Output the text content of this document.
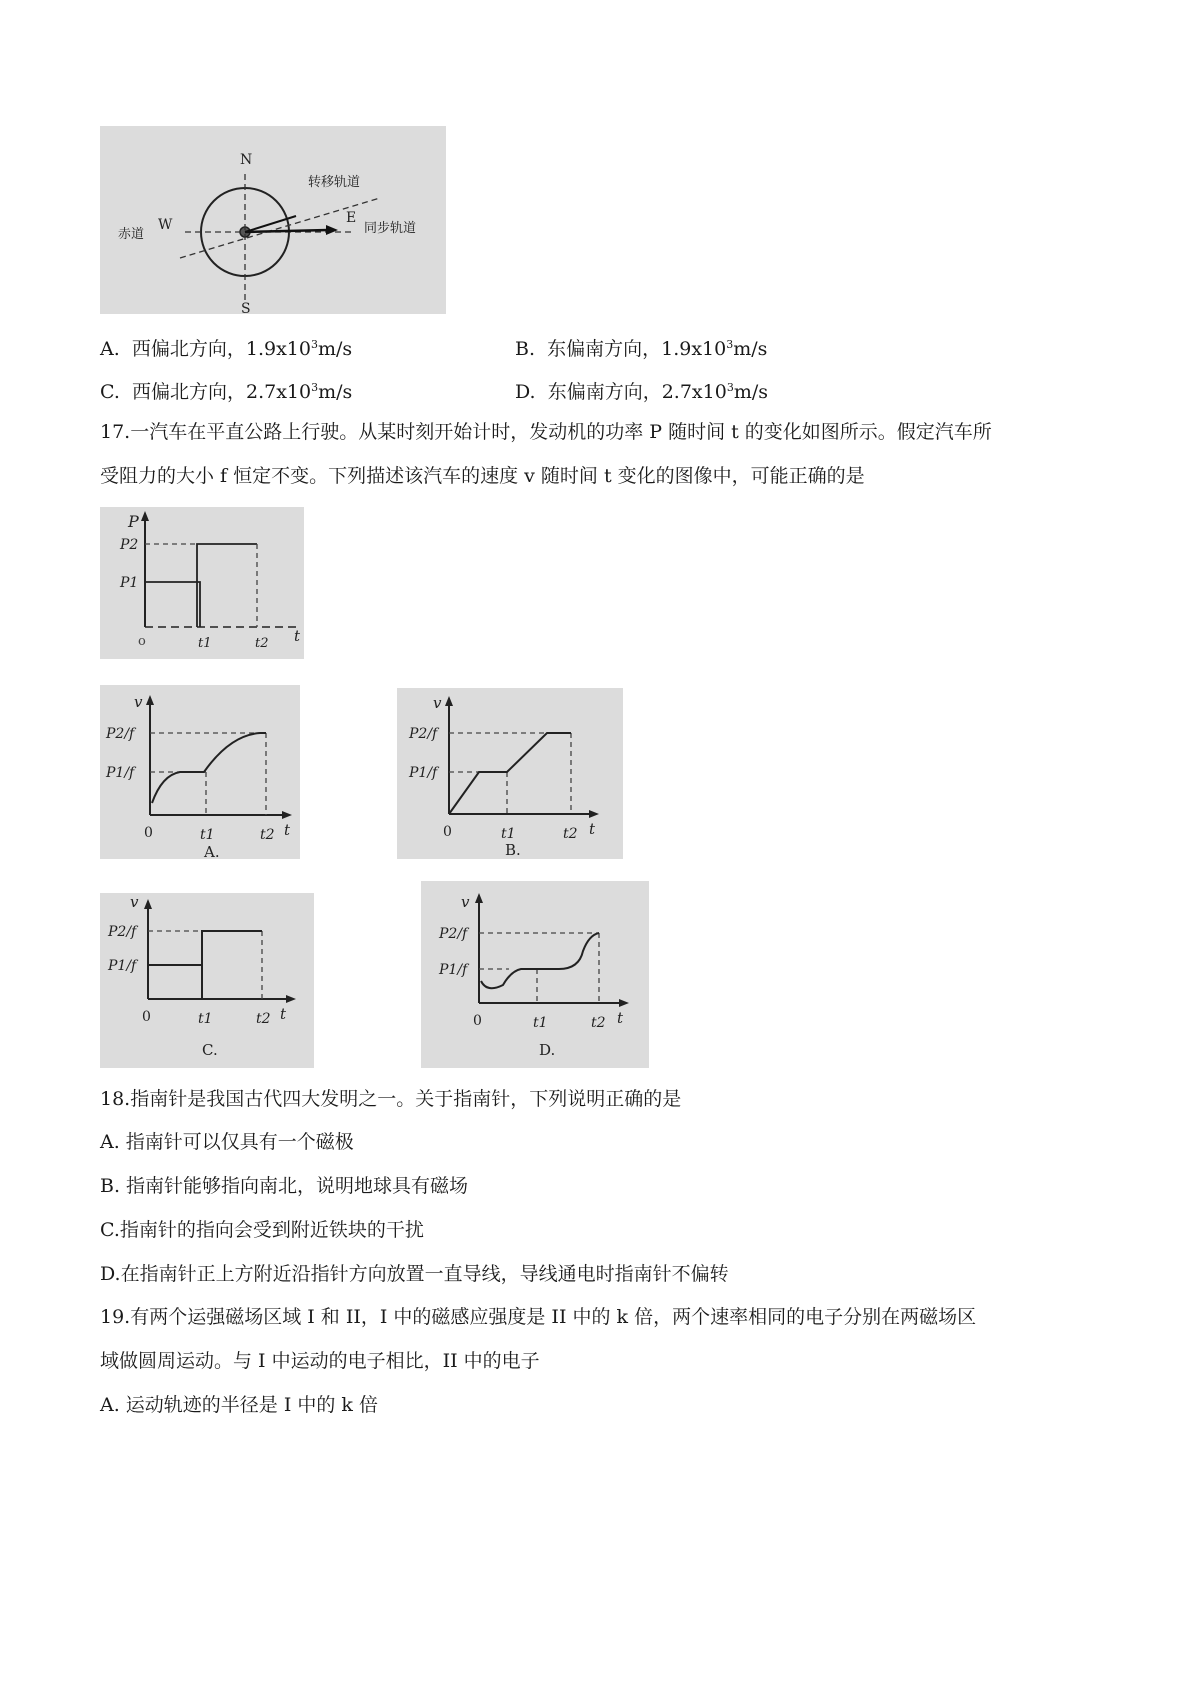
N
S
W	E
赤道
转移轨道
同步轨道
A. 西偏北方向，$1.9x10^3m/s$	B. 东偏南方向，$1.9x10^3m/s$
C. 西偏北方向，$2.7x10^3m/s$	D. 东偏南方向，$2.7x10^3m/s$
17.一汽车在平直公路上行驶。从某时刻开始计时，发动机的功率 P 随时间 t 的变化如图所示。假定汽车所
受阻力的大小 f 恒定不变。下列描述该汽车的速度 v 随时间 t 变化的图像中，可能正确的是
P
P2
P1
o	t1	t2 t
v
P2/f
P1/f
0	t1	t2 t
A.
v
P2/f
P1/f
0	t1	t2 t
B.
v
P2/f
P1/f
0	t1	t2 t
C.
v
P2/f
P1/f
0	t1	t2 t
D.
18.指南针是我国古代四大发明之一。关于指南针，下列说明正确的是
A. 指南针可以仅具有一个磁极
B. 指南针能够指向南北，说明地球具有磁场
C.指南针的指向会受到附近铁块的干扰
D.在指南针正上方附近沿指针方向放置一直导线，导线通电时指南针不偏转
19.有两个运强磁场区域 I 和 II，I 中的磁感应强度是 II 中的 k 倍，两个速率相同的电子分别在两磁场区
域做圆周运动。与 I 中运动的电子相比，II 中的电子
A. 运动轨迹的半径是 I 中的 k 倍
